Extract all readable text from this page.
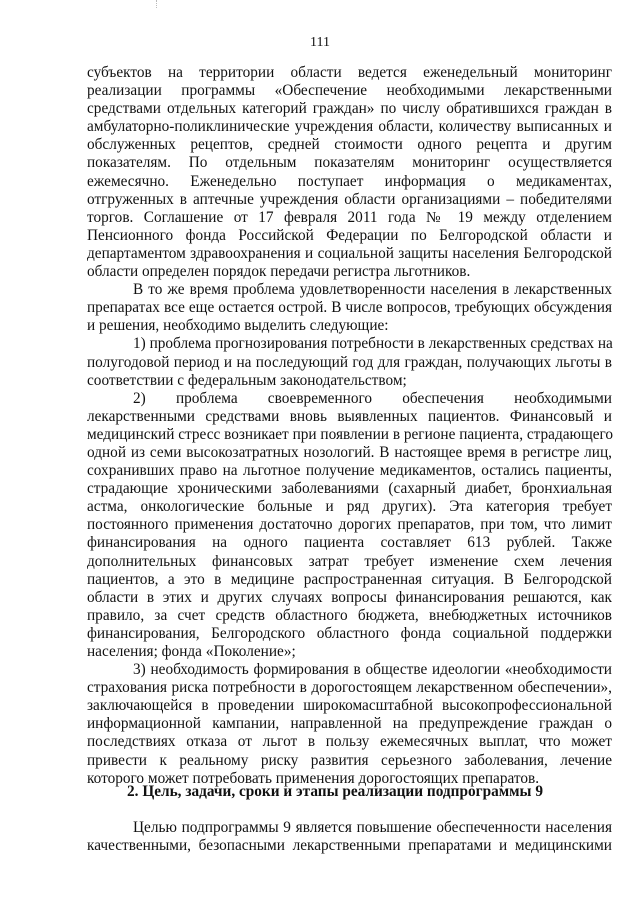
111
субъектов на территории области ведется еженедельный мониторинг
реализации программы «Обеспечение необходимыми лекарственными
средствами отдельных категорий граждан» по числу обратившихся граждан в
амбулаторно-поликлинические учреждения области, количеству выписанных и
обслуженных рецептов, средней стоимости одного рецепта и другим
показателям. По отдельным показателям мониторинг осуществляется
ежемесячно. Еженедельно поступает информация о медикаментах,
отгруженных в аптечные учреждения области организациями – победителями
торгов. Соглашение от 17 февраля 2011 года № 19 между отделением
Пенсионного фонда Российской Федерации по Белгородской области и
департаментом здравоохранения и социальной защиты населения Белгородской
области определен порядок передачи регистра льготников.
В то же время проблема удовлетворенности населения в лекарственных
препаратах все еще остается острой. В числе вопросов, требующих обсуждения
и решения, необходимо выделить следующие:
1) проблема прогнозирования потребности в лекарственных средствах на
полугодовой период и на последующий год для граждан, получающих льготы в
соответствии с федеральным законодательством;
2) проблема своевременного обеспечения необходимыми
лекарственными средствами вновь выявленных пациентов. Финансовый и
медицинский стресс возникает при появлении в регионе пациента, страдающего
одной из семи высокозатратных нозологий. В настоящее время в регистре лиц,
сохранивших право на льготное получение медикаментов, остались пациенты,
страдающие хроническими заболеваниями (сахарный диабет, бронхиальная
астма, онкологические больные и ряд других). Эта категория требует
постоянного применения достаточно дорогих препаратов, при том, что лимит
финансирования на одного пациента составляет 613 рублей. Также
дополнительных финансовых затрат требует изменение схем лечения
пациентов, а это в медицине распространенная ситуация. В Белгородской
области в этих и других случаях вопросы финансирования решаются, как
правило, за счет средств областного бюджета, внебюджетных источников
финансирования, Белгородского областного фонда социальной поддержки
населения; фонда «Поколение»;
3) необходимость формирования в обществе идеологии «необходимости
страхования риска потребности в дорогостоящем лекарственном обеспечении»,
заключающейся в проведении широкомасштабной высокопрофессиональной
информационной кампании, направленной на предупреждение граждан о
последствиях отказа от льгот в пользу ежемесячных выплат, что может
привести к реальному риску развития серьезного заболевания, лечение
которого может потребовать применения дорогостоящих препаратов.
2. Цель, задачи, сроки и этапы реализации подпрограммы 9
Целью подпрограммы 9 является повышение обеспеченности населения
качественными, безопасными лекарственными препаратами и медицинскими
